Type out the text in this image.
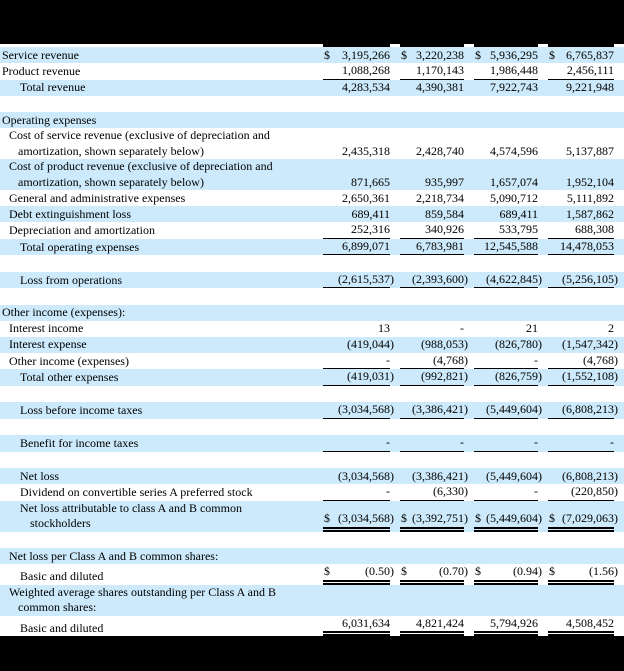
Service revenue	$ 3,195,266 $ 3,220,238 $ 5,936,295 $ 6,765,837
Product revenue	1,088,268 1,170,143 1,986,448 2,456,111
Total revenue	4,283,534 4,390,381 7,922,743 9,221,948
Operating expenses
Cost of service revenue (exclusive of depreciation and
amortization, shown separately below)	2,435,318 2,428,740 4,574,596 5,137,887
Cost of product revenue (exclusive of depreciation and
amortization, shown separately below)	871,665	935,997 1,657,074 1,952,104
General and administrative expenses	2,650,361 2,218,734 5,090,712 5,111,892
Debt extinguishment loss	689,411	859,584	689,411 1,587,862
Depreciation and amortization	252,316	340,926	533,795	688,308
Total operating expenses	6,899,071 6,783,981 12,545,588 14,478,053
Loss from operations	(2,615,537) (2,393,600) (4,622,845) (5,256,105)
Other income (expenses):
Interest income	13	-	21	2
Interest expense	(419,044) (988,053) (826,780) (1,547,342)
Other income (expenses)	-	(4,768)	-	(4,768)
Total other expenses	(419,031) (992,821) (826,759) (1,552,108)
Loss before income taxes	(3,034,568) (3,386,421) (5,449,604) (6,808,213)
Benefit for income taxes	-	-	-	-
Net loss	(3,034,568) (3,386,421) (5,449,604) (6,808,213)
Dividend on convertible series A preferred stock	-	(6,330)	-	(220,850)
Net loss attributable to class A and B common
stockholders	$ (3,034,568) $ (3,392,751) $ (5,449,604) $ (7,029,063)
Net loss per Class A and B common shares:
Basic and diluted	$	(0.50) $	(0.70) $	(0.94) $	(1.56)
Weighted average shares outstanding per Class A and B
common shares:
Basic and diluted	6,031,634 4,821,424 5,794,926 4,508,452
